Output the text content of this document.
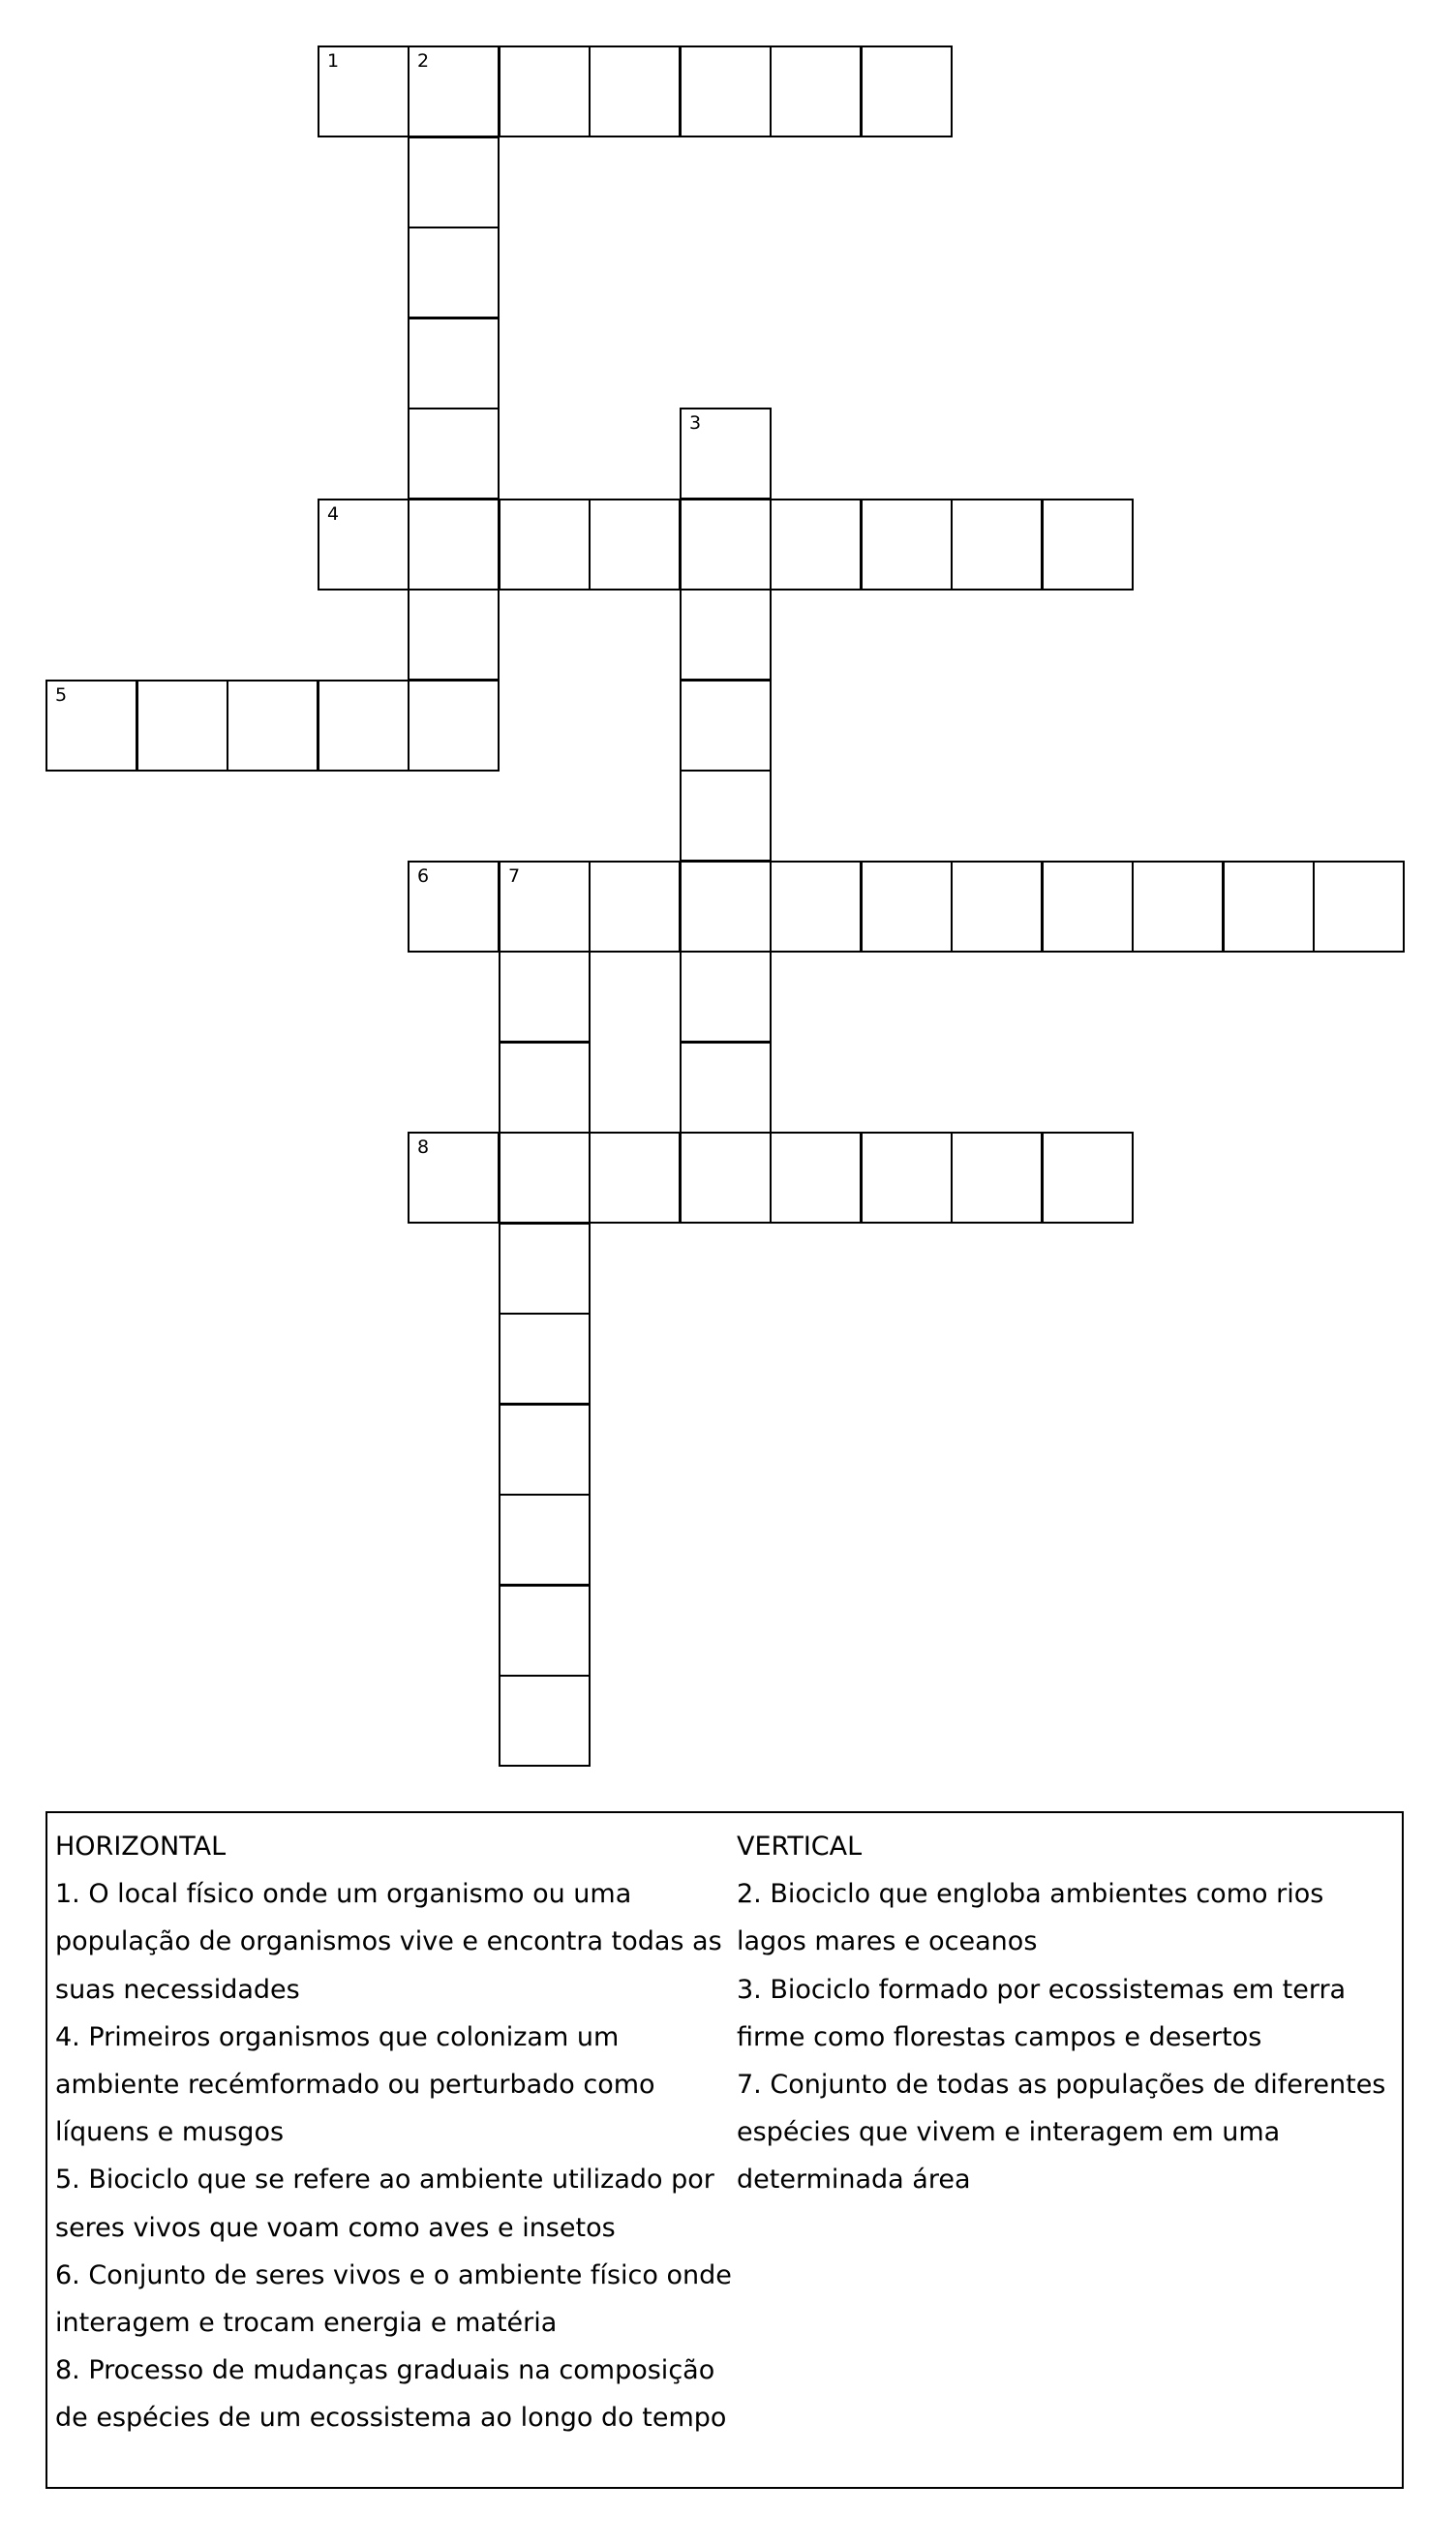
1	2
3
4
5
6	7
8
HORIZONTAL
1. O local físico onde um organismo ou uma população de organismos vive e encontra todas as suas necessidades
4. Primeiros organismos que colonizam um ambiente recémformado ou perturbado como líquens e musgos
5. Biociclo que se refere ao ambiente utilizado por seres vivos que voam como aves e insetos
6. Conjunto de seres vivos e o ambiente físico onde interagem e trocam energia e matéria
8. Processo de mudanças graduais na composição de espécies de um ecossistema ao longo do tempo
VERTICAL
2. Biociclo que engloba ambientes como rios lagos mares e oceanos
3. Biociclo formado por ecossistemas em terra firme como florestas campos e desertos
7. Conjunto de todas as populações de diferentes espécies que vivem e interagem em uma determinada área
